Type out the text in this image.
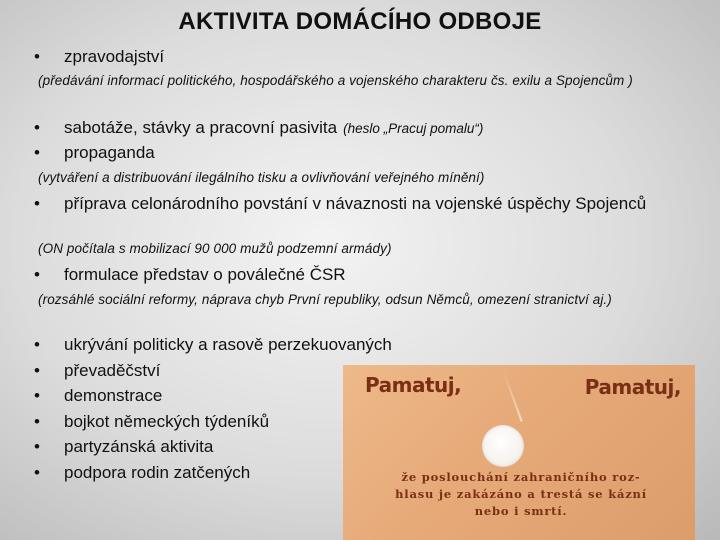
AKTIVITA DOMÁCÍHO ODBOJE
•	zpravodajství
(předávání informací politického, hospodářského a vojenského charakteru čs. exilu a Spojencům )
•	sabotáže, stávky a pracovní pasivita (heslo „Pracuj pomalu“)
•	propaganda
(vytváření a distribuování ilegálního tisku a ovlivňování veřejného mínění)
•	příprava celonárodního povstání v návaznosti na vojenské úspěchy Spojenců
(ON počítala s mobilizací 90 000 mužů podzemní armády)
•	formulace představ o poválečné ČSR
(rozsáhlé sociální reformy, náprava chyb První republiky, odsun Němců, omezení stranictví aj.)
•	ukrývání politicky a rasově perzekuovaných
•	převaděčství
•	demonstrace
•	bojkot německých týdeníků
•	partyzánská aktivita
•	podpora rodin zatčených
Pamatuj,	Pamatuj,
že poslouchání zahraničního roz-
hlasu je zakázáno a trestá se kázní
nebo i smrtí.
